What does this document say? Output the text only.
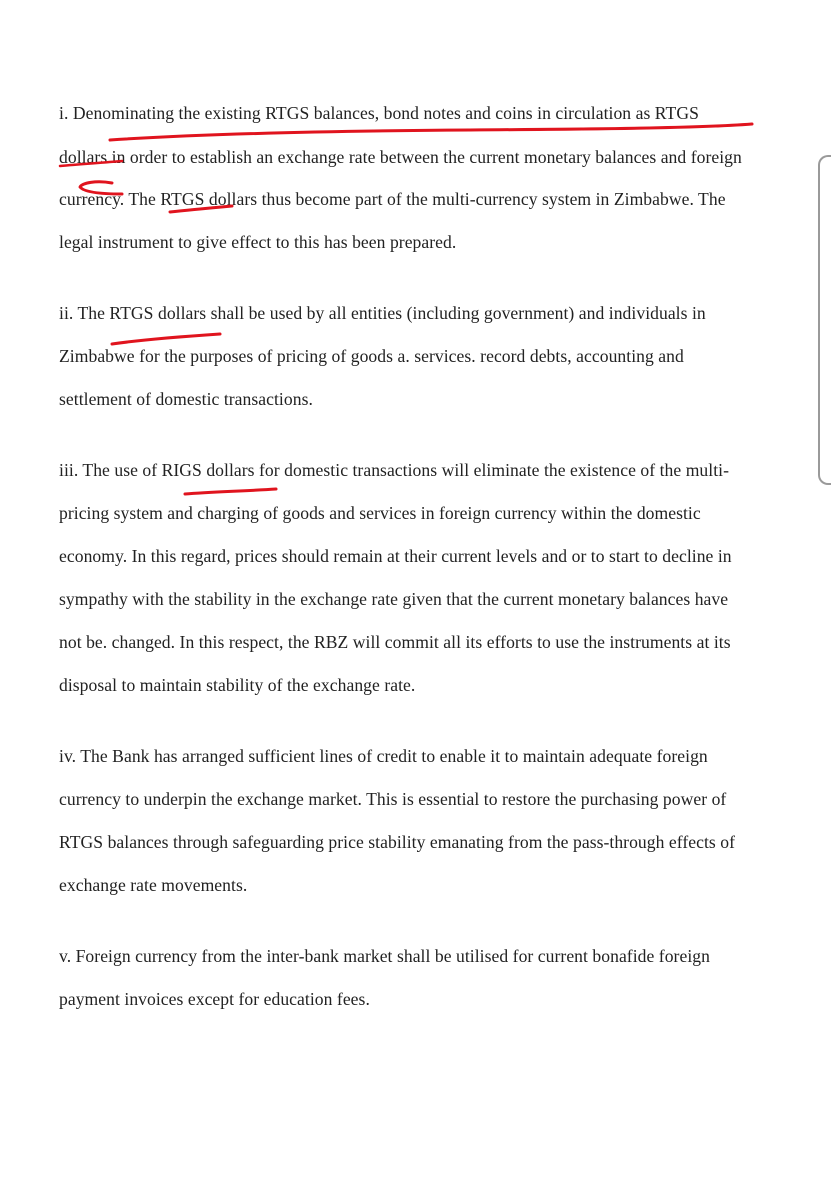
i. Denominating the existing RTGS balances, bond notes and coins in circulation as RTGS
dollars in order to establish an exchange rate between the current monetary balances and foreign
currency. The RTGS dollars thus become part of the multi-currency system in Zimbabwe. The
legal instrument to give effect to this has been prepared.
ii. The RTGS dollars shall be used by all entities (including government) and individuals in
Zimbabwe for the purposes of pricing of goods a. services. record debts, accounting and
settlement of domestic transactions.
iii. The use of RIGS dollars for domestic transactions will eliminate the existence of the multi-
pricing system and charging of goods and services in foreign currency within the domestic
economy. In this regard, prices should remain at their current levels and or to start to decline in
sympathy with the stability in the exchange rate given that the current monetary balances have
not be. changed. In this respect, the RBZ will commit all its efforts to use the instruments at its
disposal to maintain stability of the exchange rate.
iv. The Bank has arranged sufficient lines of credit to enable it to maintain adequate foreign
currency to underpin the exchange market. This is essential to restore the purchasing power of
RTGS balances through safeguarding price stability emanating from the pass-through effects of
exchange rate movements.
v. Foreign currency from the inter-bank market shall be utilised for current bonafide foreign
payment invoices except for education fees.
